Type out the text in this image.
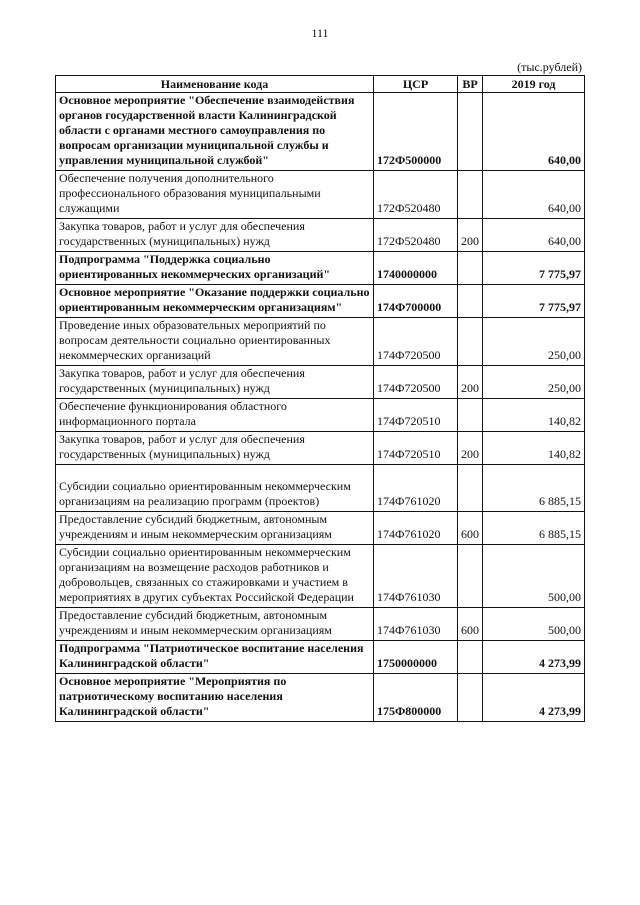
111
(тыс.рублей)
Наименование кода	ЦСР	ВР	2019 год
Основное мероприятие "Обеспечение взаимодействия органов государственной власти Калининградской области с органами местного самоуправления по вопросам организации муниципальной службы и управления муниципальной службой"	172Ф500000		640,00
Обеспечение получения дополнительного профессионального образования муниципальными служащими	172Ф520480		640,00
Закупка товаров, работ и услуг для обеспечения государственных (муниципальных) нужд	172Ф520480	200	640,00
Подпрограмма "Поддержка социально ориентированных некоммерческих организаций"	1740000000		7 775,97
Основное мероприятие "Оказание поддержки социально ориентированным некоммерческим организациям"	174Ф700000		7 775,97
Проведение иных образовательных мероприятий по вопросам деятельности социально ориентированных некоммерческих организаций	174Ф720500		250,00
Закупка товаров, работ и услуг для обеспечения государственных (муниципальных) нужд	174Ф720500	200	250,00
Обеспечение функционирования областного информационного портала	174Ф720510		140,82
Закупка товаров, работ и услуг для обеспечения государственных (муниципальных) нужд	174Ф720510	200	140,82
Субсидии социально ориентированным некоммерческим организациям на реализацию программ (проектов)	174Ф761020		6 885,15
Предоставление субсидий бюджетным, автономным учреждениям и иным некоммерческим организациям	174Ф761020	600	6 885,15
Субсидии социально ориентированным некоммерческим организациям на возмещение расходов работников и добровольцев, связанных со стажировками и участием в мероприятиях в других субъектах Российской Федерации	174Ф761030		500,00
Предоставление субсидий бюджетным, автономным учреждениям и иным некоммерческим организациям	174Ф761030	600	500,00
Подпрограмма "Патриотическое воспитание населения Калининградской области"	1750000000		4 273,99
Основное мероприятие "Мероприятия по патриотическому воспитанию населения Калининградской области"	175Ф800000		4 273,99
